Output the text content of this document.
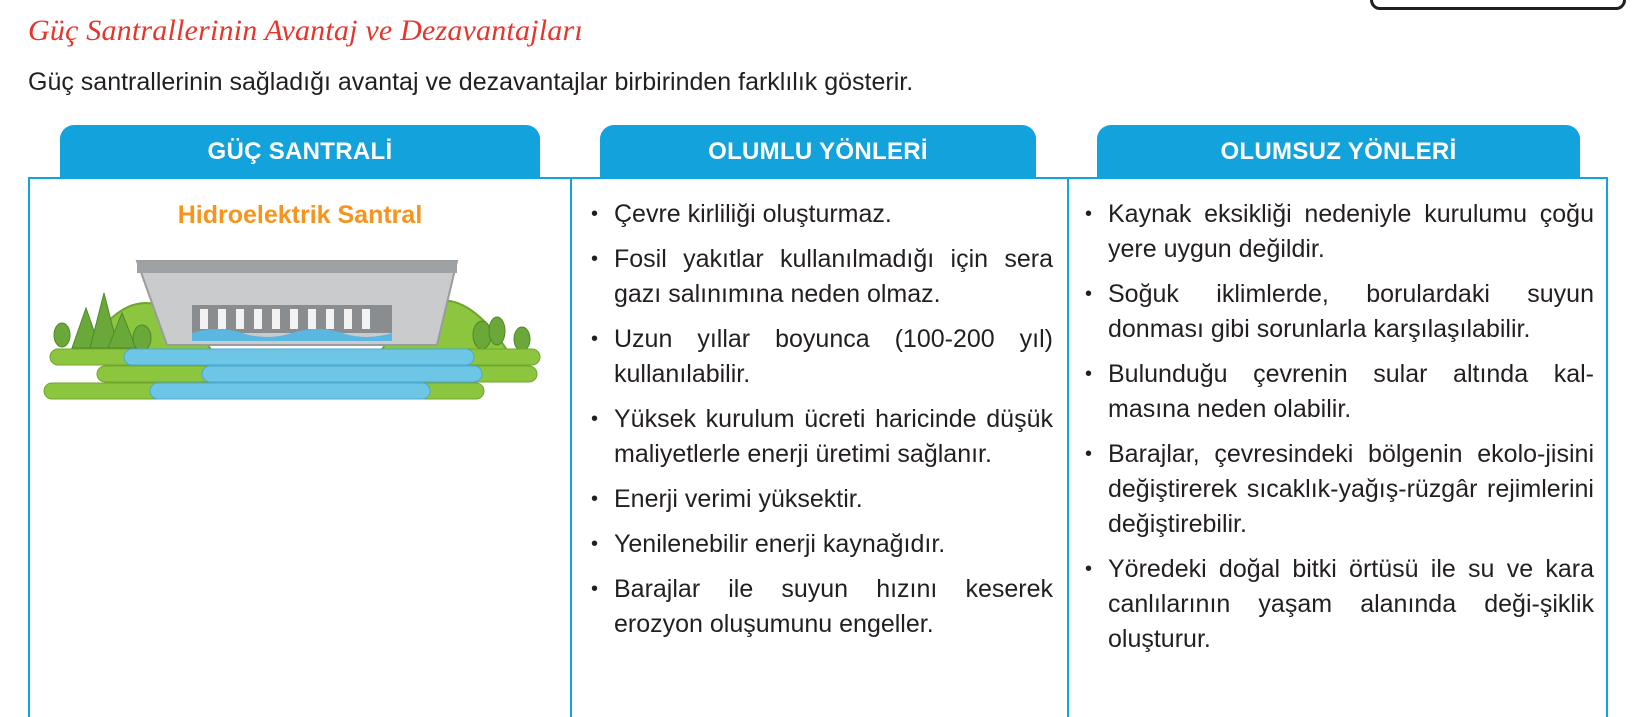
Güç Santrallerinin Avantaj ve Dezavantajları

Güç santrallerinin sağladığı avantaj ve dezavantajlar birbirinden farklılık gösterir.

GÜÇ SANTRALİ	OLUMLU YÖNLERİ	OLUMSUZ YÖNLERİ
Hidroelektrik Santral
•	Çevre kirliliği oluşturmaz.
• Fosil yakıtlar kullanılmadığı için sera gazı salınımına neden olmaz.
• Uzun yıllar boyunca (100-200 yıl) kullanılabilir.
• Yüksek kurulum ücreti haricinde düşük maliyetlerle enerji üretimi sağlanır.
• Enerji verimi yüksektir.
• Yenilenebilir enerji kaynağıdır.
• Barajlar ile suyun hızını keserek erozyon oluşumunu engeller.
• Kaynak eksikliği nedeniyle kurulumu çoğu yere uygun değildir.
• Soğuk iklimlerde, borulardaki suyun donması gibi sorunlarla karşılaşılabilir.
• Bulunduğu çevrenin sular altında kal-masına neden olabilir.
• Barajlar, çevresindeki bölgenin ekolo-jisini değiştirerek sıcaklık-yağış-rüzgâr rejimlerini değiştirebilir.
• Yöredeki doğal bitki örtüsü ile su ve kara canlılarının yaşam alanında deği-şiklik oluşturur.
